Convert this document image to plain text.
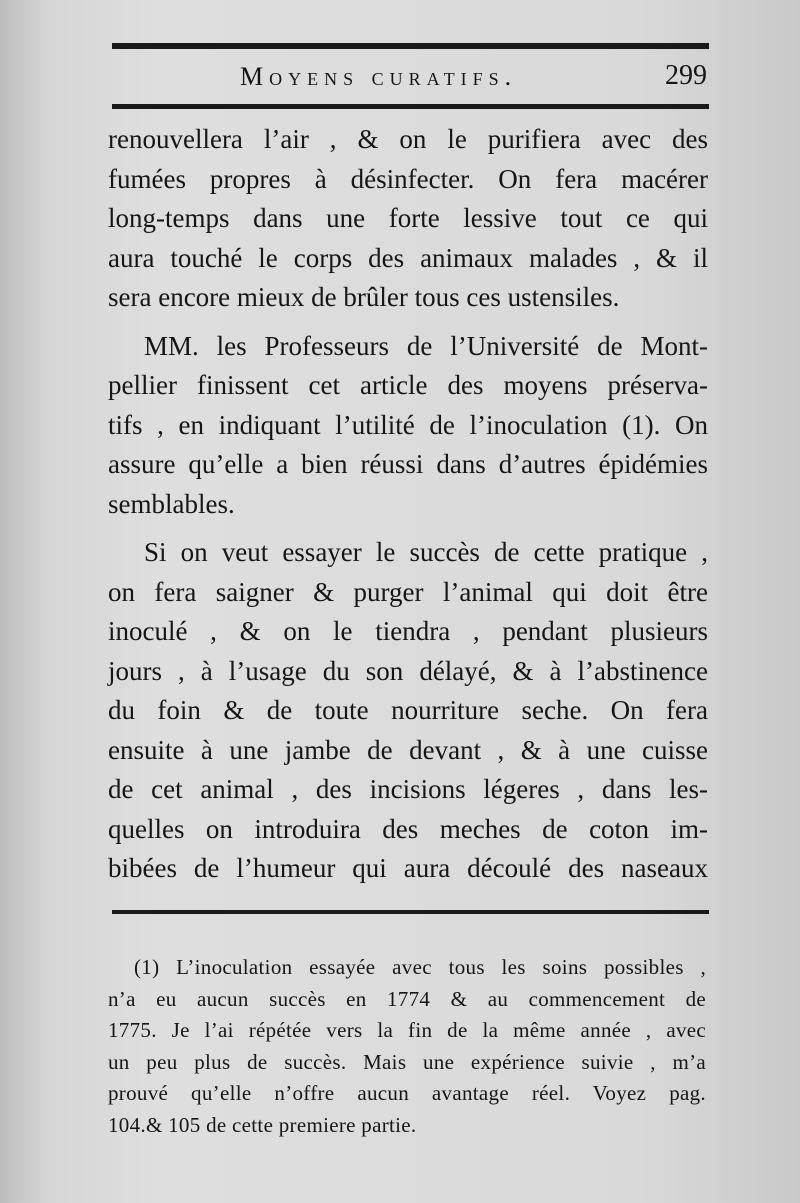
Moyens curatifs.	299
renouvellera l’air , & on le purifiera avec des
fumées propres à désinfecter. On fera macérer
long-temps dans une forte lessive tout ce qui
aura touché le corps des animaux malades , & il
sera encore mieux de brûler tous ces ustensiles.
MM. les Professeurs de l’Université de Mont-
pellier finissent cet article des moyens préserva-
tifs , en indiquant l’utilité de l’inoculation (1). On
assure qu’elle a bien réussi dans d’autres épidémies
semblables.
Si on veut essayer le succès de cette pratique ,
on fera saigner & purger l’animal qui doit être
inoculé , & on le tiendra , pendant plusieurs
jours , à l’usage du son délayé, & à l’abstinence
du foin & de toute nourriture seche. On fera
ensuite à une jambe de devant , & à une cuisse
de cet animal , des incisions légeres , dans les-
quelles on introduira des meches de coton im-
bibées de l’humeur qui aura découlé des naseaux
(1) L’inoculation essayée avec tous les soins possibles ,
n’a eu aucun succès en 1774 & au commencement de
1775. Je l’ai répétée vers la fin de la même année , avec
un peu plus de succès. Mais une expérience suivie , m’a
prouvé qu’elle n’offre aucun avantage réel. Voyez pag.
104.& 105 de cette premiere partie.
